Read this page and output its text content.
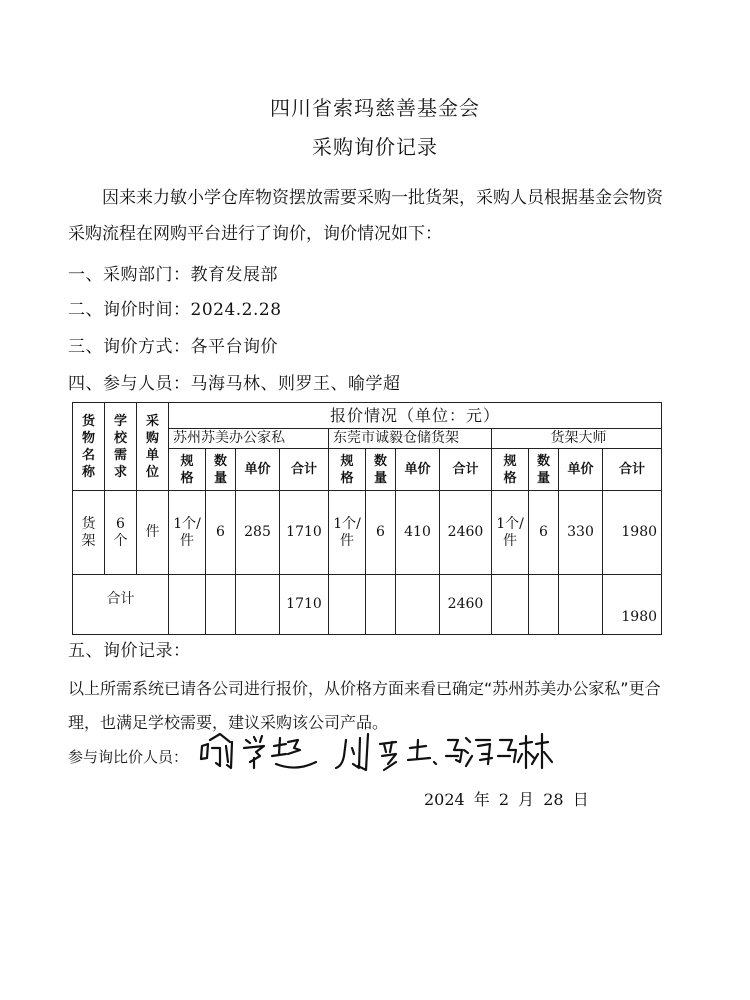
四川省索玛慈善基金会
采购询价记录
因来来力敏小学仓库物资摆放需要采购一批货架，采购人员根据基金会物资采购流程在网购平台进行了询价，询价情况如下：
一、采购部门：教育发展部
二、询价时间：2024.2.28
三、询价方式：各平台询价
四、参与人员：马海马林、则罗王、喻学超
货物名称	学校需求	采购单位	报价情况（单位：元）											
			苏州苏美办公家私				东莞市诚毅仓储货架				货架大师			
			规格	数量	单价	合计	规格	数量	单价	合计	规格	数量	单价	合计
货架	6个	件	1个/件	6	285	1710	1个/件	6	410	2460	1个/件	6	330	1980
合计						1710				2460				1980
五、询价记录：
以上所需系统已请各公司进行报价，从价格方面来看已确定“苏州苏美办公家私”更合理，也满足学校需要，建议采购该公司产品。
参与询比价人员：
2024 年 2 月 28 日
